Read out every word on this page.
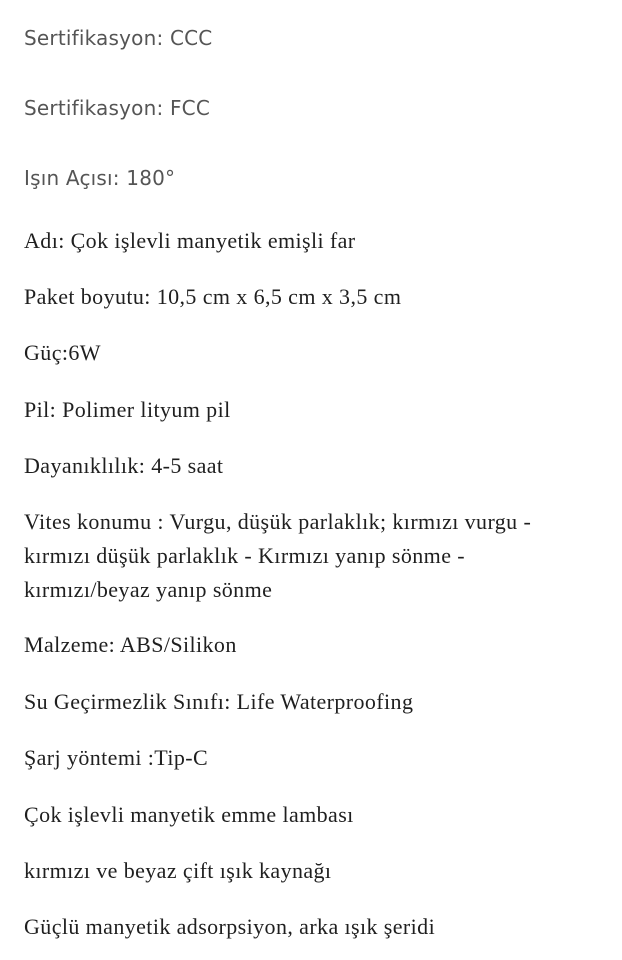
Sertifikasyon: CCC

Sertifikasyon: FCC

Işın Açısı: 180°

Adı: Çok işlevli manyetik emişli far

Paket boyutu: 10,5 cm x 6,5 cm x 3,5 cm

Güç:6W

Pil: Polimer lityum pil

Dayanıklılık: 4-5 saat

Vites konumu : Vurgu, düşük parlaklık; kırmızı vurgu -
kırmızı düşük parlaklık - Kırmızı yanıp sönme -
kırmızı/beyaz yanıp sönme

Malzeme: ABS/Silikon

Su Geçirmezlik Sınıfı: Life Waterproofing

Şarj yöntemi :Tip-C

Çok işlevli manyetik emme lambası

kırmızı ve beyaz çift ışık kaynağı

Güçlü manyetik adsorpsiyon, arka ışık şeridi
